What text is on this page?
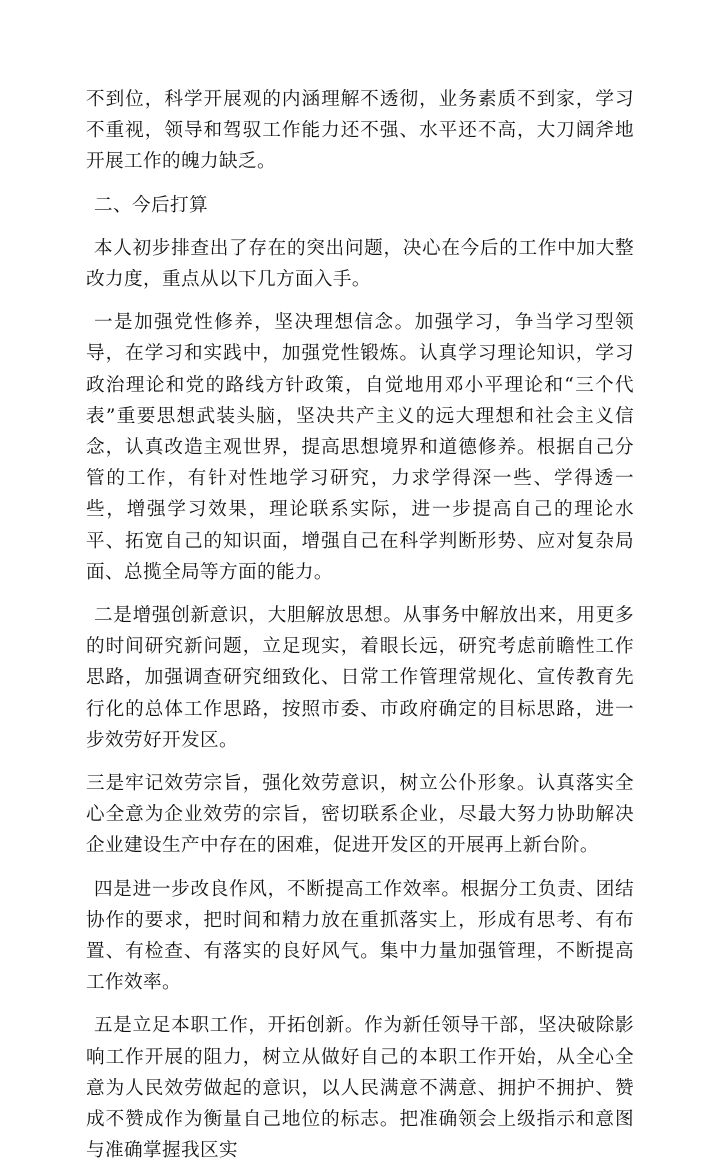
不到位，科学开展观的内涵理解不透彻，业务素质不到家，学习不重视，领导和驾驭工作能力还不强、水平还不高，大刀阔斧地开展工作的魄力缺乏。

二、今后打算

本人初步排查出了存在的突出问题，决心在今后的工作中加大整改力度，重点从以下几方面入手。

一是加强党性修养，坚决理想信念。加强学习，争当学习型领导，在学习和实践中，加强党性锻炼。认真学习理论知识，学习政治理论和党的路线方针政策，自觉地用邓小平理论和“三个代表”重要思想武装头脑，坚决共产主义的远大理想和社会主义信念，认真改造主观世界，提高思想境界和道德修养。根据自己分管的工作，有针对性地学习研究，力求学得深一些、学得透一些，增强学习效果，理论联系实际，进一步提高自己的理论水平、拓宽自己的知识面，增强自己在科学判断形势、应对复杂局面、总揽全局等方面的能力。

二是增强创新意识，大胆解放思想。从事务中解放出来，用更多的时间研究新问题，立足现实，着眼长远，研究考虑前瞻性工作思路，加强调查研究细致化、日常工作管理常规化、宣传教育先行化的总体工作思路，按照市委、市政府确定的目标思路，进一步效劳好开发区。

三是牢记效劳宗旨，强化效劳意识，树立公仆形象。认真落实全心全意为企业效劳的宗旨，密切联系企业，尽最大努力协助解决企业建设生产中存在的困难，促进开发区的开展再上新台阶。

四是进一步改良作风，不断提高工作效率。根据分工负责、团结协作的要求，把时间和精力放在重抓落实上，形成有思考、有布置、有检查、有落实的良好风气。集中力量加强管理，不断提高工作效率。

五是立足本职工作，开拓创新。作为新任领导干部，坚决破除影响工作开展的阻力，树立从做好自己的本职工作开始，从全心全意为人民效劳做起的意识，以人民满意不满意、拥护不拥护、赞成不赞成作为衡量自己地位的标志。把准确领会上级指示和意图与准确掌握我区实
